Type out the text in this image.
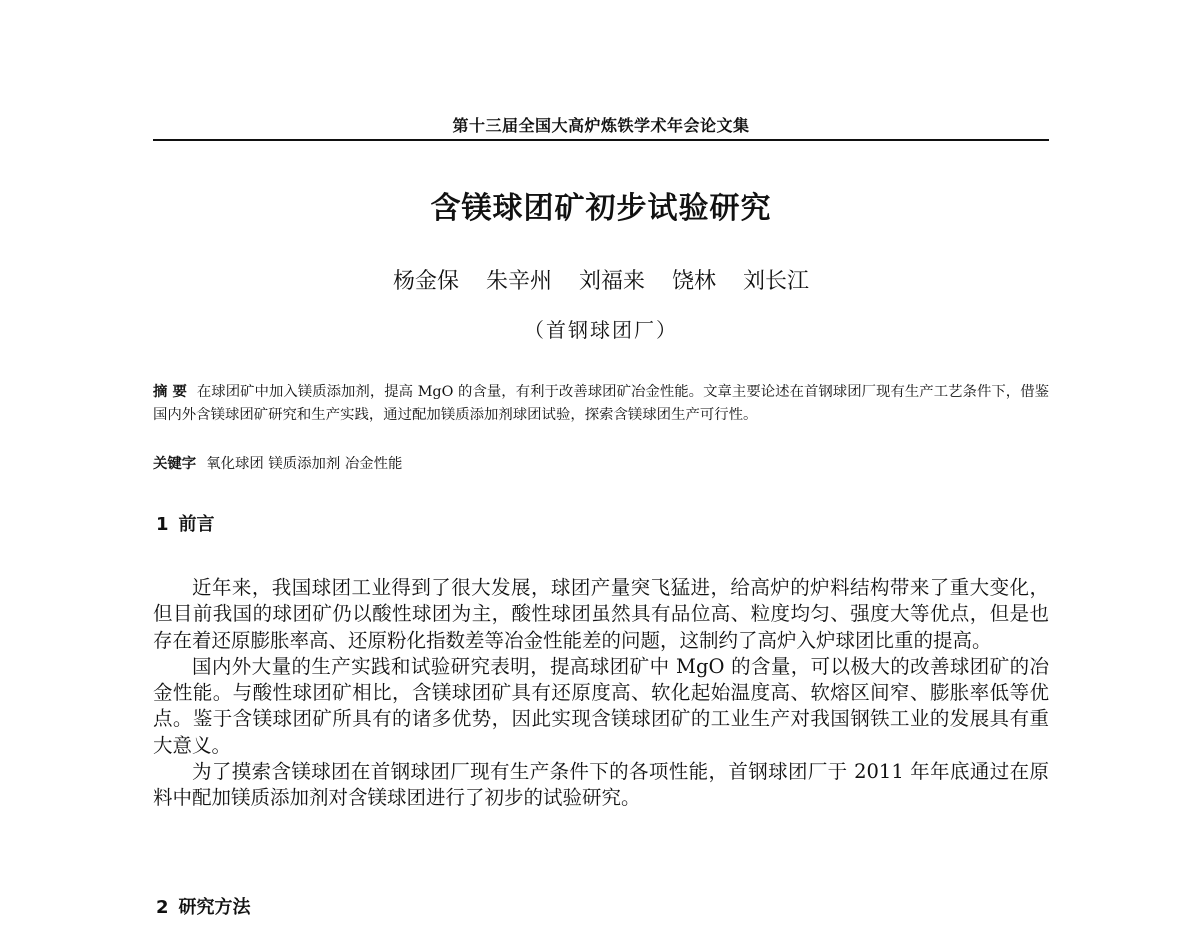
第十三届全国大高炉炼铁学术年会论文集
含镁球团矿初步试验研究
杨金保 朱辛州 刘福来 饶林 刘长江
（首钢球团厂）
摘 要 在球团矿中加入镁质添加剂，提高 MgO 的含量，有利于改善球团矿冶金性能。文章主要论述在首钢球团厂现有生产工艺条件下，借鉴国内外含镁球团矿研究和生产实践，通过配加镁质添加剂球团试验，探索含镁球团生产可行性。
关键字 氧化球团 镁质添加剂 冶金性能
1 前言

近年来，我国球团工业得到了很大发展，球团产量突飞猛进，给高炉的炉料结构带来了重大变化，但目前我国的球团矿仍以酸性球团为主，酸性球团虽然具有品位高、粒度均匀、强度大等优点，但是也存在着还原膨胀率高、还原粉化指数差等冶金性能差的问题，这制约了高炉入炉球团比重的提高。

国内外大量的生产实践和试验研究表明，提高球团矿中 MgO 的含量，可以极大的改善球团矿的冶金性能。与酸性球团矿相比，含镁球团矿具有还原度高、软化起始温度高、软熔区间窄、膨胀率低等优点。鉴于含镁球团矿所具有的诸多优势，因此实现含镁球团矿的工业生产对我国钢铁工业的发展具有重大意义。

为了摸索含镁球团在首钢球团厂现有生产条件下的各项性能，首钢球团厂于 2011 年年底通过在原料中配加镁质添加剂对含镁球团进行了初步的试验研究。

2 研究方法
